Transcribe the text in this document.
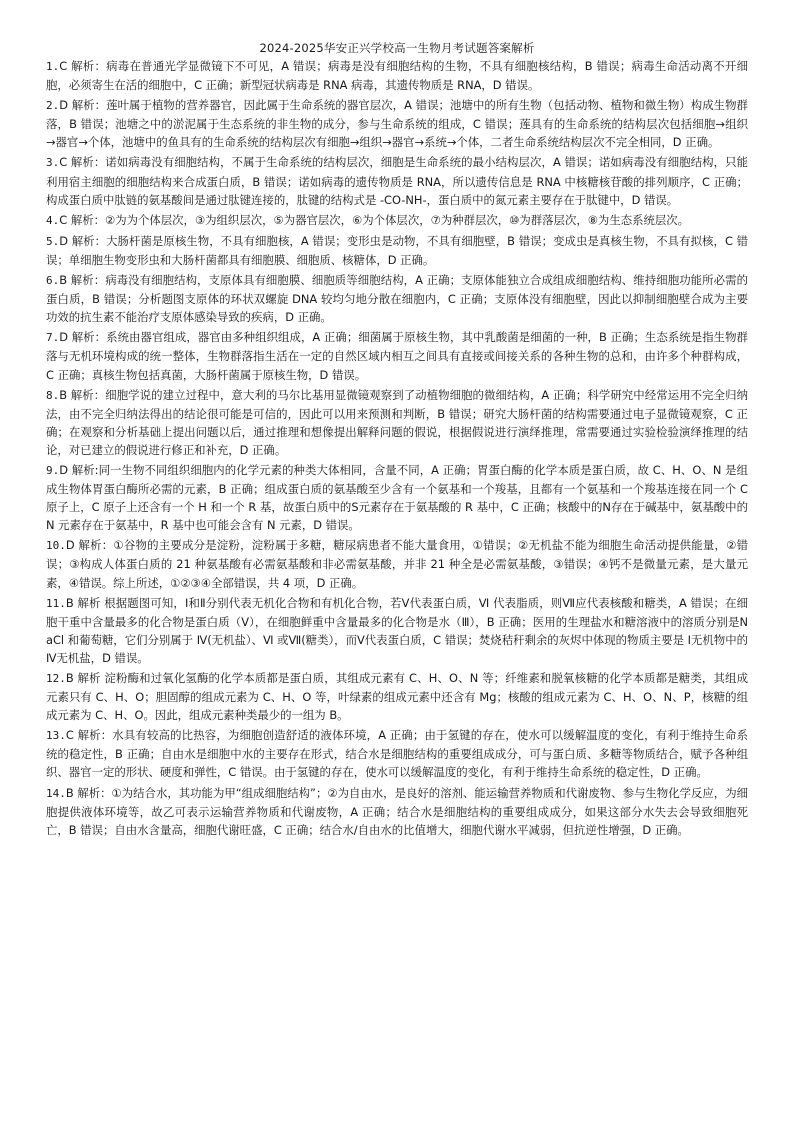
2024-2025华安正兴学校高一生物月考试题答案解析
1.C 解析：病毒在普通光学显微镜下不可见，A 错误；病毒是没有细胞结构的生物，不具有细胞核结构，B 错误；病毒生命活动离不开细胞，必须寄生在活的细胞中，C 正确；新型冠状病毒是 RNA 病毒，其遗传物质是 RNA，D 错误。
2.D 解析：莲叶属于植物的营养器官，因此属于生命系统的器官层次，A 错误；池塘中的所有生物（包括动物、植物和微生物）构成生物群落，B 错误；池塘之中的淤泥属于生态系统的非生物的成分，参与生命系统的组成，C 错误；莲具有的生命系统的结构层次包括细胞→组织→器官→个体，池塘中的鱼具有的生命系统的结构层次有细胞→组织→器官→系统→个体，二者生命系统结构层次不完全相同，D 正确。
3.C 解析：诺如病毒没有细胞结构，不属于生命系统的结构层次，细胞是生命系统的最小结构层次，A 错误；诺如病毒没有细胞结构，只能利用宿主细胞的细胞结构来合成蛋白质，B 错误；诺如病毒的遗传物质是 RNA，所以遗传信息是 RNA 中核糖核苷酸的排列顺序，C 正确；构成蛋白质中肽链的氨基酸间是通过肽键连接的，肽键的结构式是 -CO-NH-，蛋白质中的氮元素主要存在于肽键中，D 错误。
4.C 解析：②为为个体层次，③为组织层次，⑤为器官层次，⑥为个体层次，⑦为种群层次，⑩为群落层次，⑧为生态系统层次。
5.D 解析：大肠杆菌是原核生物，不具有细胞核，A 错误；变形虫是动物，不具有细胞壁，B 错误；变成虫是真核生物，不具有拟核，C 错误；单细胞生物变形虫和大肠杆菌都具有细胞膜、细胞质、核糖体，D 正确。
6.B 解析：病毒没有细胞结构，支原体具有细胞膜、细胞质等细胞结构，A 正确；支原体能独立合成组成细胞结构、维持细胞功能所必需的蛋白质，B 错误；分析题图支原体的环状双螺旋 DNA 较均匀地分散在细胞内，C 正确；支原体没有细胞壁，因此以抑制细胞壁合成为主要功效的抗生素不能治疗支原体感染导致的疾病，D 正确。
7.D 解析：系统由器官组成，器官由多种组织组成，A 正确；细菌属于原核生物，其中乳酸菌是细菌的一种，B 正确；生态系统是指生物群落与无机环境构成的统一整体，生物群落指生活在一定的自然区域内相互之间具有直接或间接关系的各种生物的总和，由许多个种群构成，C 正确；真核生物包括真菌，大肠杆菌属于原核生物，D 错误。
8.B 解析：细胞学说的建立过程中，意大利的马尔比基用显微镜观察到了动植物细胞的微细结构，A 正确；科学研究中经常运用不完全归纳法，由不完全归纳法得出的结论很可能是可信的，因此可以用来预测和判断，B 错误；研究大肠杆菌的结构需要通过电子显微镜观察，C 正确；在观察和分析基础上提出问题以后，通过推理和想像提出解释问题的假说，根据假说进行演绎推理，常需要通过实验检验演绎推理的结论，对已建立的假说进行修正和补充，D 正确。
9.D 解析:同一生物不同组织细胞内的化学元素的种类大体相同，含量不同，A 正确；胃蛋白酶的化学本质是蛋白质，故 C、H、O、N 是组成生物体胃蛋白酶所必需的元素，B 正确；组成蛋白质的氨基酸至少含有一个氨基和一个羧基，且都有一个氨基和一个羧基连接在同一个 C 原子上，C 原子上还含有一个 H 和一个 R 基，故蛋白质中的S元素存在于氨基酸的 R 基中，C 正确；核酸中的N存在于碱基中，氨基酸中的 N 元素存在于氨基中，R 基中也可能会含有 N 元素，D 错误。
10.D 解析：①谷物的主要成分是淀粉，淀粉属于多糖，糖尿病患者不能大量食用，①错误；②无机盐不能为细胞生命活动提供能量，②错误；③构成人体蛋白质的 21 种氨基酸有必需氨基酸和非必需氨基酸，并非 21 种全是必需氨基酸，③错误；④钙不是微量元素，是大量元素，④错误。综上所述，①②③④全部错误，共 4 项，D 正确。
11.B 解析 根据题图可知，Ⅰ和Ⅱ分别代表无机化合物和有机化合物，若Ⅴ代表蛋白质，Ⅵ 代表脂质，则Ⅶ应代表核酸和糖类，A 错误；在细胞干重中含量最多的化合物是蛋白质（Ⅴ），在细胞鲜重中含量最多的化合物是水（Ⅲ），B 正确；医用的生理盐水和糖溶液中的溶质分别是NaCl 和葡萄糖，它们分别属于 Ⅳ(无机盐）、Ⅵ 或Ⅶ(糖类），而Ⅴ代表蛋白质，C 错误；焚烧秸秆剩余的灰烬中体现的物质主要是 Ⅰ无机物中的Ⅳ无机盐，D 错误。
12.B 解析 淀粉酶和过氧化氢酶的化学本质都是蛋白质，其组成元素有 C、H、O、N 等；纤维素和脱氧核糖的化学本质都是糖类，其组成元素只有 C、H、O；胆固醇的组成元素为 C、H、O 等，叶绿素的组成元素中还含有 Mg；核酸的组成元素为 C、H、O、N、P，核糖的组成元素为 C、H、O。因此，组成元素种类最少的一组为 B。
13.C 解析：水具有较高的比热容，为细胞创造舒适的液体环境，A 正确；由于氢键的存在，使水可以缓解温度的变化，有利于维持生命系统的稳定性，B 正确；自由水是细胞中水的主要存在形式，结合水是细胞结构的重要组成成分，可与蛋白质、多糖等物质结合，赋予各种组织、器官一定的形状、硬度和弹性，C 错误。由于氢键的存在，使水可以缓解温度的变化，有利于维持生命系统的稳定性，D 正确。
14.B 解析：①为结合水，其功能为甲“组成细胞结构”；②为自由水，是良好的溶剂、能运输营养物质和代谢废物、参与生物化学反应，为细胞提供液体环境等，故乙可表示运输营养物质和代谢废物，A 正确；结合水是细胞结构的重要组成成分，如果这部分水失去会导致细胞死亡，B 错误；自由水含量高，细胞代谢旺盛，C 正确；结合水/自由水的比值增大，细胞代谢水平减弱，但抗逆性增强，D 正确。
